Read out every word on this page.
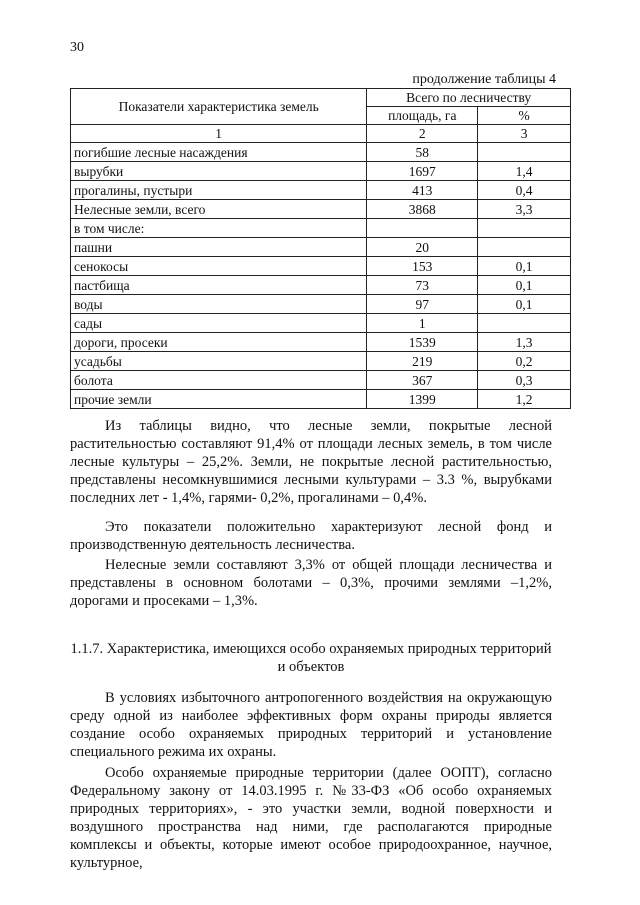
30
продолжение таблицы 4
Показатели характеристика земель	Всего по лесничеству	
	площадь, га	%
1	2	3
погибшие лесные насаждения	58	
вырубки	1697	1,4
прогалины, пустыри	413	0,4
Нелесные земли, всего	3868	3,3
в том числе:		
пашни	20	
сенокосы	153	0,1
пастбища	73	0,1
воды	97	0,1
сады	1	
дороги, просеки	1539	1,3
усадьбы	219	0,2
болота	367	0,3
прочие земли	1399	1,2
Из таблицы видно, что лесные земли, покрытые лесной растительностью составляют 91,4% от площади лесных земель, в том числе лесные культуры – 25,2%. Земли, не покрытые лесной растительностью, представлены несомкнувшимися лесными культурами – 3.3 %, вырубками последних лет - 1,4%, гарями- 0,2%, прогалинами – 0,4%.
Это показатели положительно характеризуют лесной фонд и производственную деятельность лесничества.
Нелесные земли составляют 3,3% от общей площади лесничества и представлены в основном болотами – 0,3%, прочими землями –1,2%, дорогами и просеками – 1,3%.
1.1.7. Характеристика, имеющихся особо охраняемых природных территорий и объектов
В условиях избыточного антропогенного воздействия на окружающую среду одной из наиболее эффективных форм охраны природы является создание особо охраняемых природных территорий и установление специального режима их охраны.
Особо охраняемые природные территории (далее ООПТ), согласно Федеральному закону от 14.03.1995 г. №33-ФЗ «Об особо охраняемых природных территориях», - это участки земли, водной поверхности и воздушного пространства над ними, где располагаются природные комплексы и объекты, которые имеют особое природоохранное, научное, культурное,
